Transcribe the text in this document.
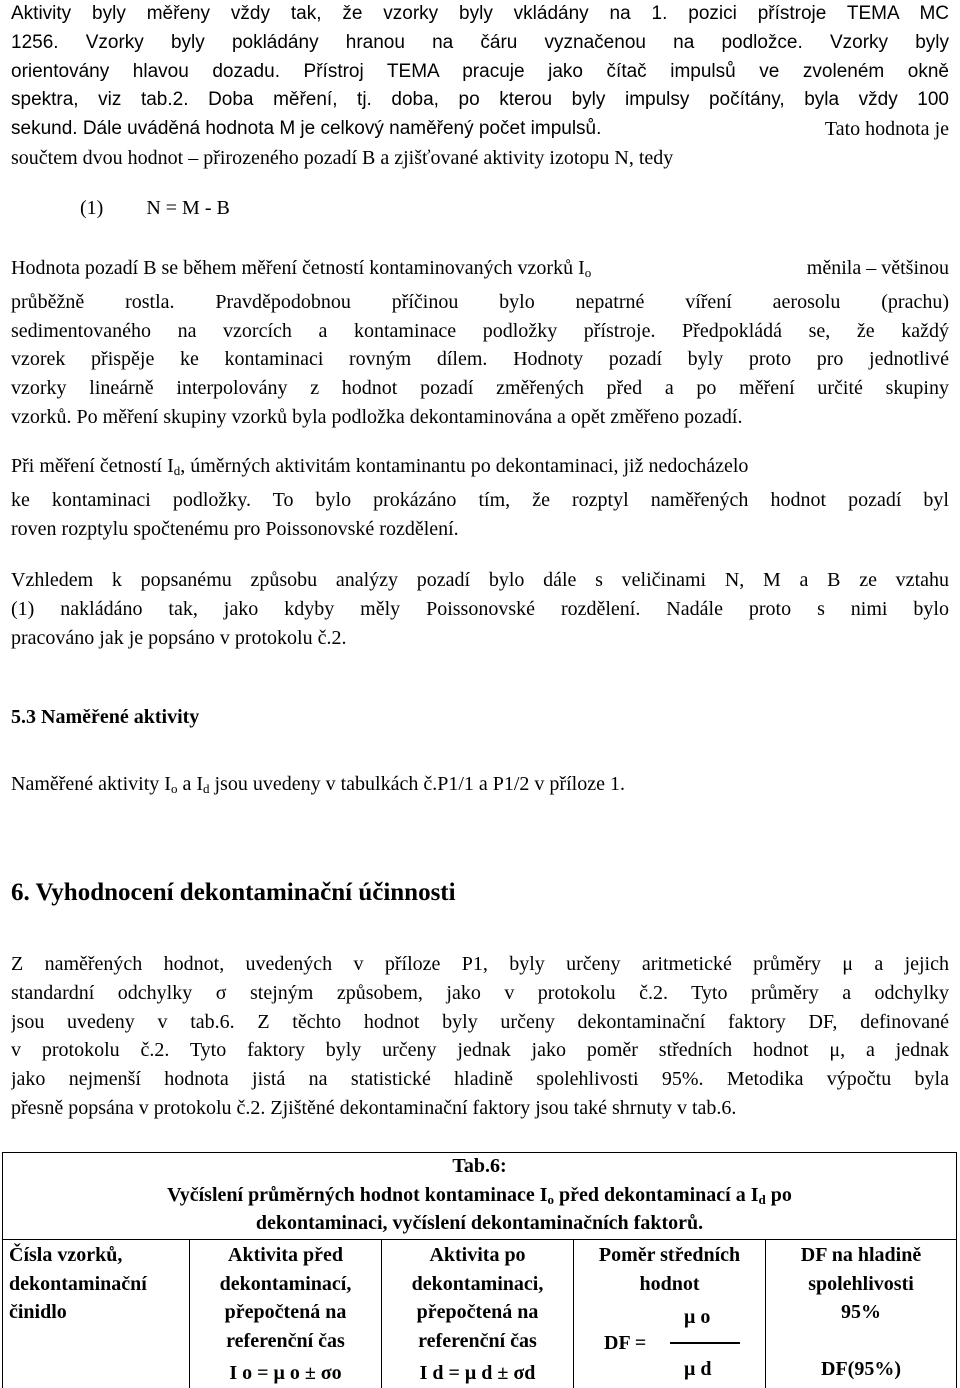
Aktivity byly měřeny vždy tak, že vzorky byly vkládány na 1. pozici přístroje TEMA MC
1256. Vzorky byly pokládány hranou na čáru vyznačenou na podložce. Vzorky byly
orientovány hlavou dozadu. Přístroj TEMA pracuje jako čítač impulsů ve zvoleném okně
spektra, viz tab.2. Doba měření, tj. doba, po kterou byly impulsy počítány, byla vždy 100
sekund. Dále uváděná hodnota M je celkový naměřený počet impulsů.	Tato hodnota je
součtem dvou hodnot – přirozeného pozadí B a zjišťované aktivity izotopu N, tedy
(1) N = M - B
Hodnota pozadí B se během měření četností kontaminovaných vzorků $I_o$	měnila – většinou
průběžně rostla. Pravděpodobnou příčinou bylo nepatrné víření aerosolu (prachu)
sedimentovaného na vzorcích a kontaminace podložky přístroje. Předpokládá se, že každý
vzorek přispěje ke kontaminaci rovným dílem. Hodnoty pozadí byly proto pro jednotlivé
vzorky lineárně interpolovány z hodnot pozadí změřených před a po měření určité skupiny
vzorků. Po měření skupiny vzorků byla podložka dekontaminována a opět změřeno pozadí.
Při měření četností $I_d$, úměrných aktivitám kontaminantu po dekontaminaci, již nedocházelo
ke kontaminaci podložky. To bylo prokázáno tím, že rozptyl naměřených hodnot pozadí byl
roven rozptylu spočtenému pro Poissonovské rozdělení.
Vzhledem k popsanému způsobu analýzy pozadí bylo dále s veličinami N, M a B ze vztahu
(1) nakládáno tak, jako kdyby měly Poissonovské rozdělení. Nadále proto s nimi bylo
pracováno jak je popsáno v protokolu č.2.
5.3 Naměřené aktivity
Naměřené aktivity $I_o$ a $I_d$ jsou uvedeny v tabulkách č.P1/1 a P1/2 v příloze 1.
6. Vyhodnocení dekontaminační účinnosti
Z naměřených hodnot, uvedených v příloze P1, byly určeny aritmetické průměry μ a jejich
standardní odchylky σ stejným způsobem, jako v protokolu č.2. Tyto průměry a odchylky
jsou uvedeny v tab.6. Z těchto hodnot byly určeny dekontaminační faktory DF, definované
v protokolu č.2. Tyto faktory byly určeny jednak jako poměr středních hodnot μ, a jednak
jako nejmenší hodnota jistá na statistické hladině spolehlivosti 95%. Metodika výpočtu byla
přesně popsána v protokolu č.2. Zjištěné dekontaminační faktory jsou také shrnuty v tab.6.
Tab.6:
Vyčíslení průměrných hodnot kontaminace $I_o$ před dekontaminací a $I_d$ po
dekontaminaci, vyčíslení dekontaminačních faktorů.
Čísla vzorků,
dekontaminační
činidlo
Aktivita před
dekontaminací,
přepočtená na
referenční čas
I o = μ o ± σo
Aktivita po
dekontaminaci,
přepočtená na
referenční čas
I d = μ d ± σd
Poměr středních
hodnot
μ o
DF =
μ d
DF na hladině
spolehlivosti
95%
DF(95%)
